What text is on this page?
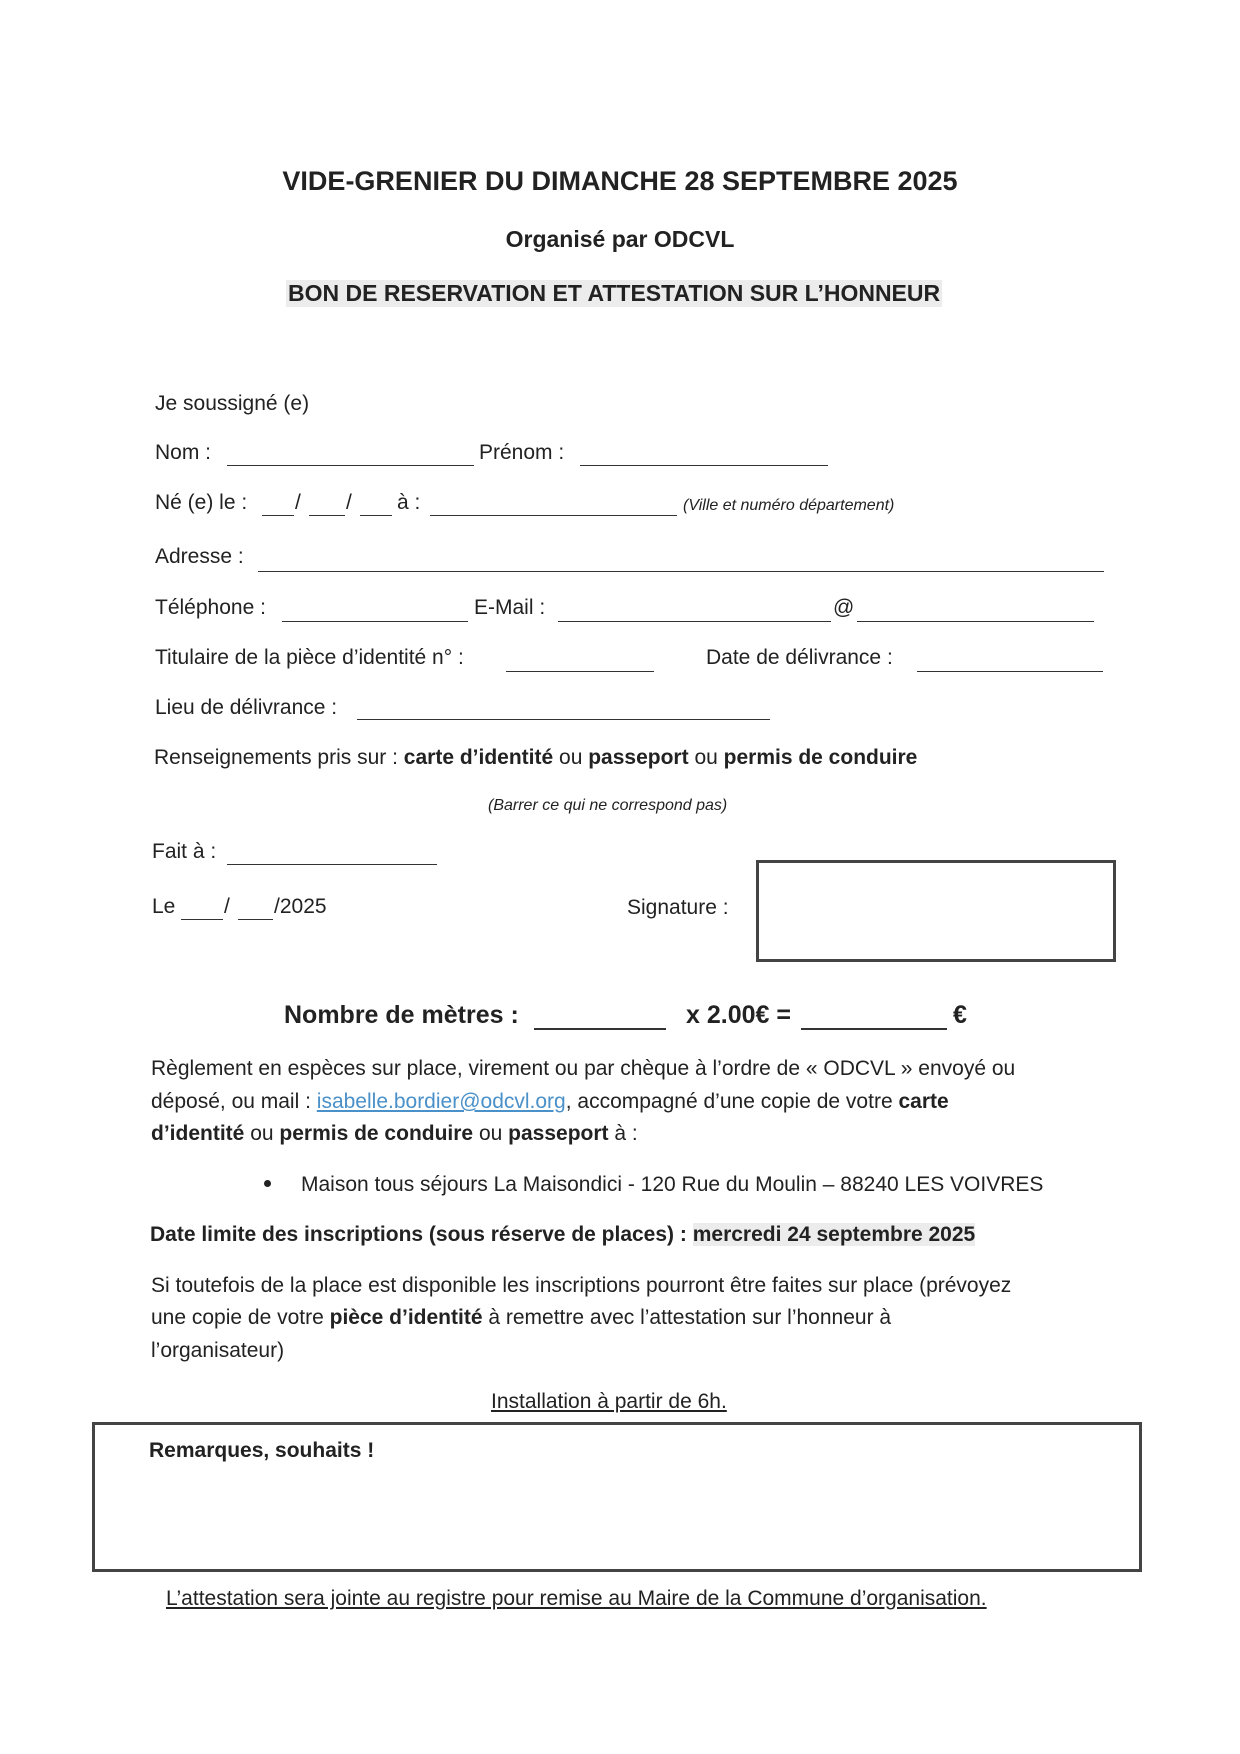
VIDE-GRENIER DU DIMANCHE 28 SEPTEMBRE 2025
Organisé par ODCVL
BON DE RESERVATION ET ATTESTATION SUR L’HONNEUR
Je soussigné (e)
Nom :	Prénom :
Né (e) le : / / à :	(Ville et numéro département)
Adresse :
Téléphone :	E-Mail :	@
Titulaire de la pièce d’identité n° :	Date de délivrance :
Lieu de délivrance :
Renseignements pris sur : carte d’identité ou passeport ou permis de conduire
(Barrer ce qui ne correspond pas)
Fait à :
Le / /2025	Signature :
Nombre de mètres :	x 2.00€ =	€
Règlement en espèces sur place, virement ou par chèque à l’ordre de « ODCVL » envoyé ou
déposé, ou mail : isabelle.bordier@odcvl.org, accompagné d’une copie de votre carte
d’identité ou permis de conduire ou passeport à :
Maison tous séjours La Maisondici - 120 Rue du Moulin – 88240 LES VOIVRES
Date limite des inscriptions (sous réserve de places) : mercredi 24 septembre 2025
Si toutefois de la place est disponible les inscriptions pourront être faites sur place (prévoyez
une copie de votre pièce d’identité à remettre avec l’attestation sur l’honneur à
l’organisateur)
Installation à partir de 6h.
Remarques, souhaits !
L’attestation sera jointe au registre pour remise au Maire de la Commune d’organisation.
